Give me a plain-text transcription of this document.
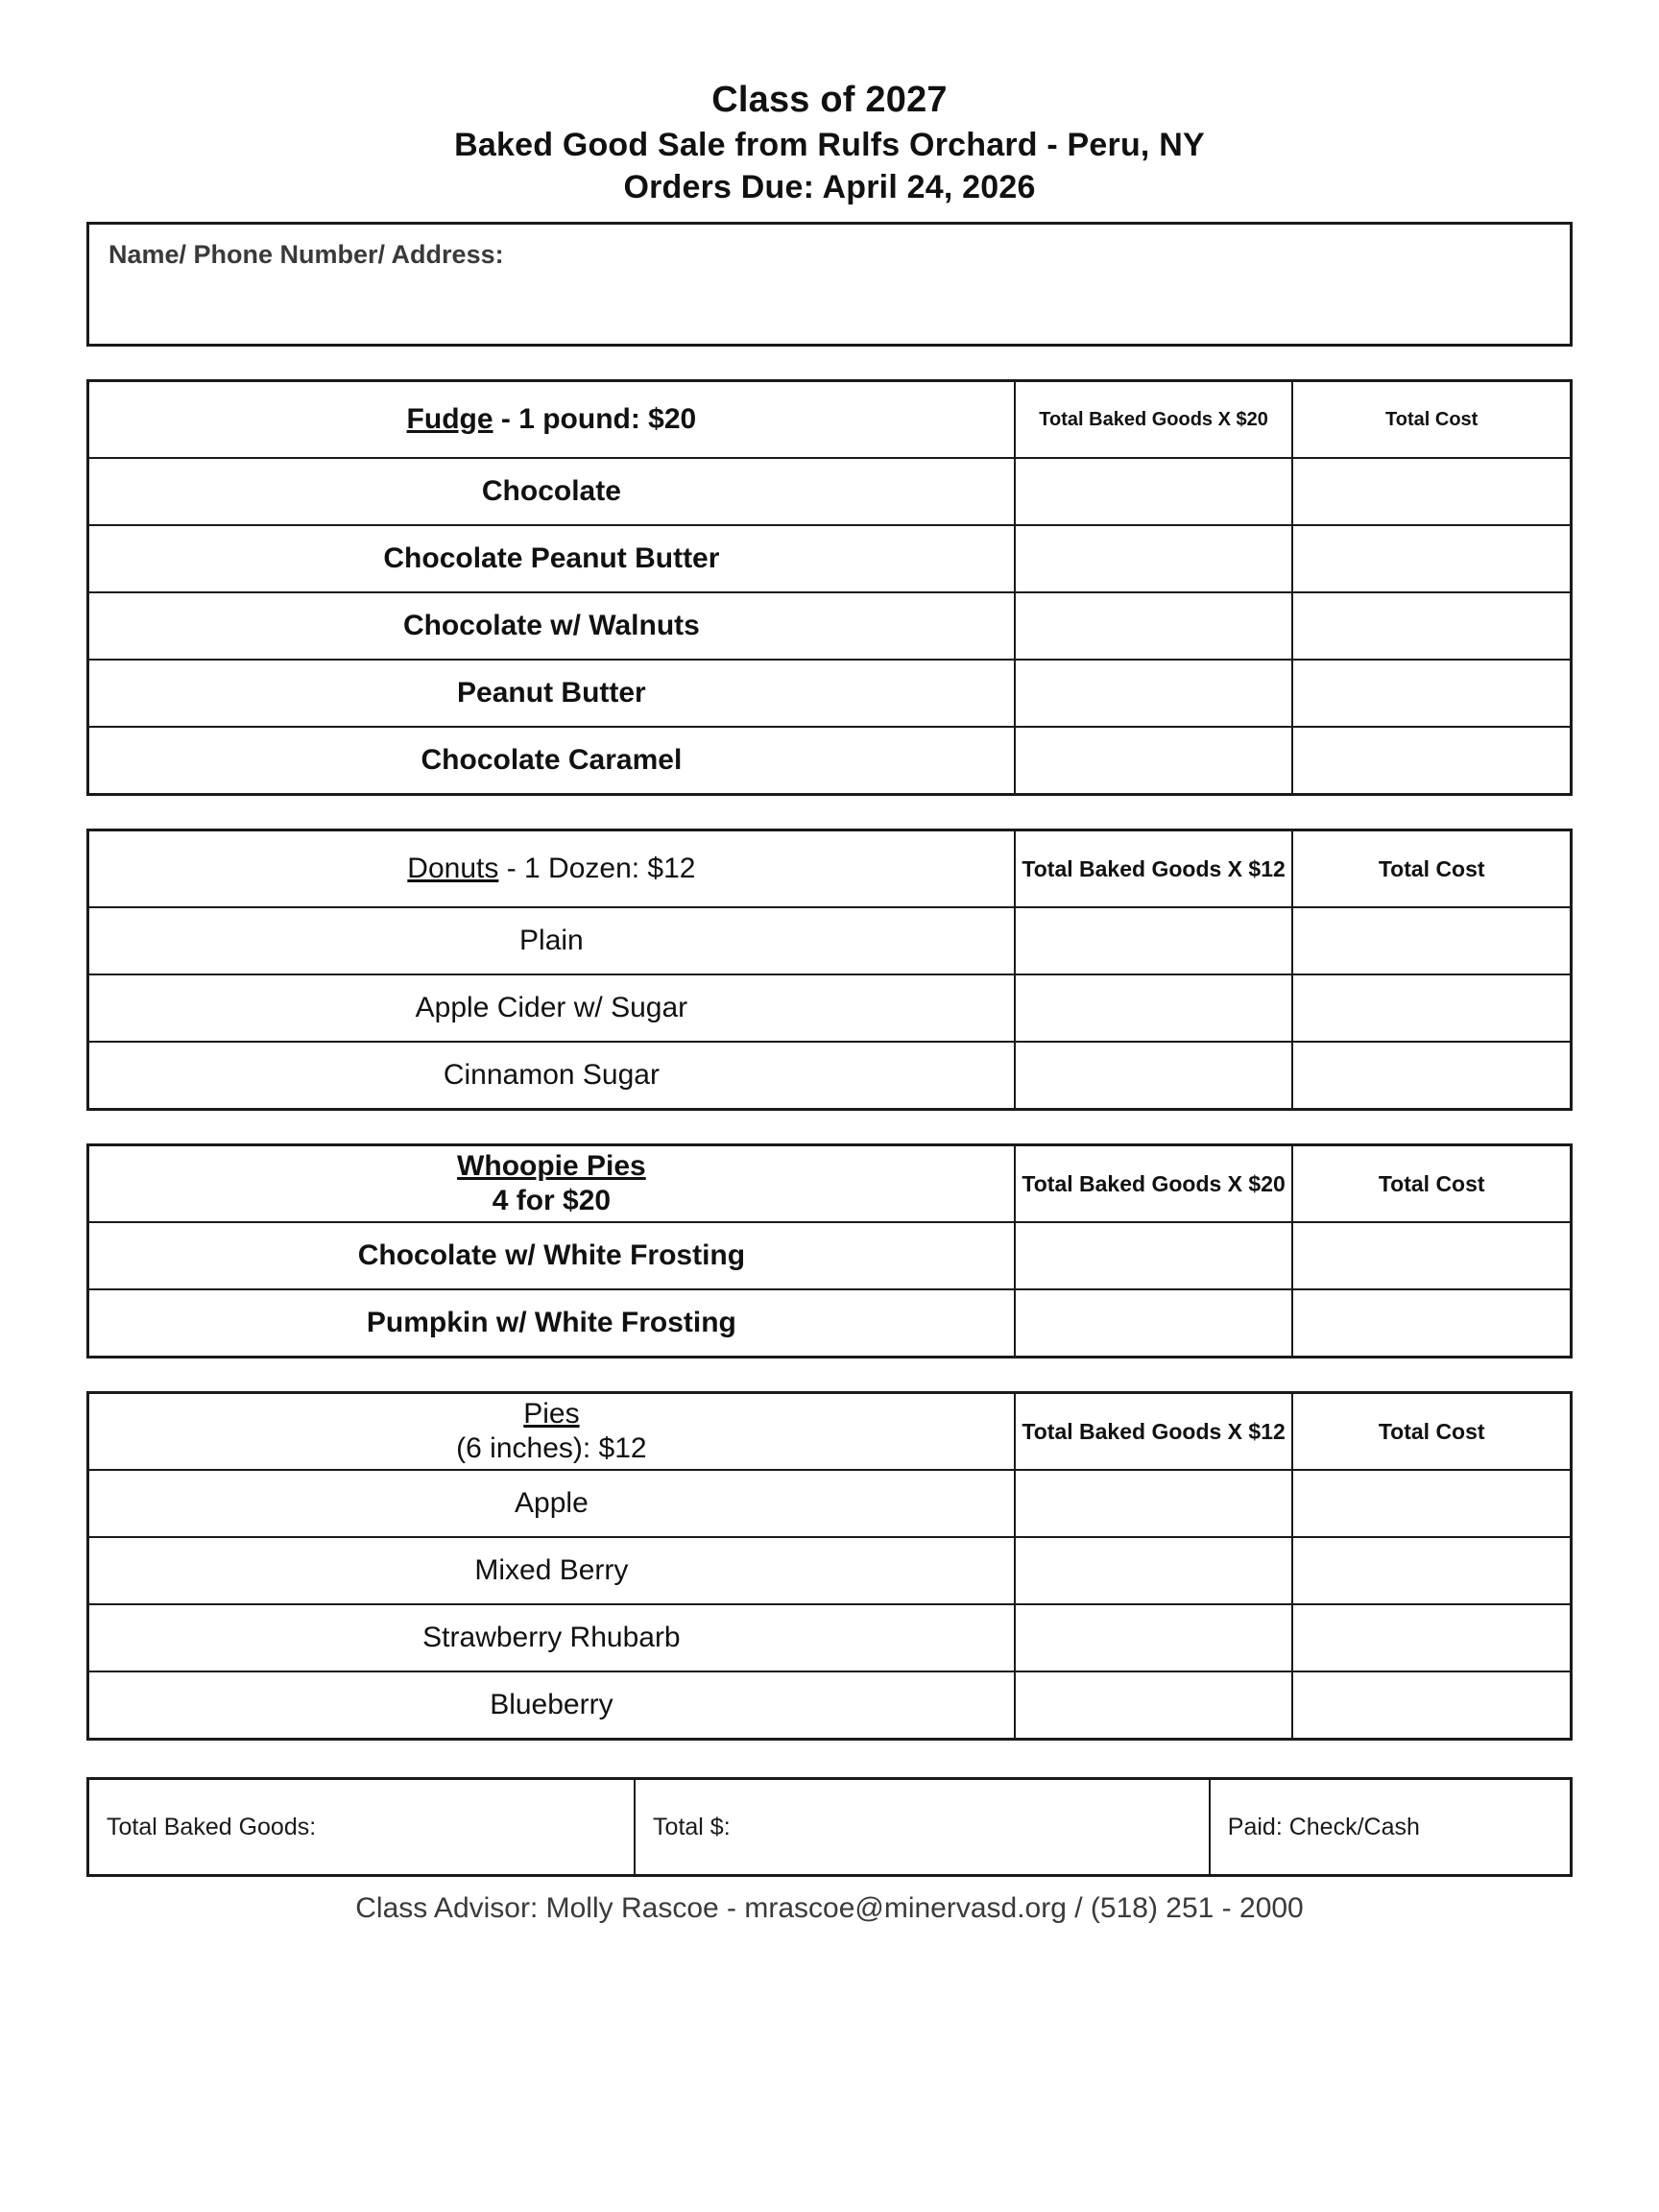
Class of 2027
Baked Good Sale from Rulfs Orchard - Peru, NY
Orders Due: April 24, 2026
Name/ Phone Number/ Address:
Fudge - 1 pound: $20	Total Baked Goods X $20	Total Cost
Chocolate		
Chocolate Peanut Butter		
Chocolate w/ Walnuts		
Peanut Butter		
Chocolate Caramel		
Donuts - 1 Dozen: $12	Total Baked Goods X $12	Total Cost
Plain		
Apple Cider w/ Sugar		
Cinnamon Sugar		
Whoopie Pies
4 for $20	Total Baked Goods X $20	Total Cost
Chocolate w/ White Frosting		
Pumpkin w/ White Frosting		
Pies
(6 inches): $12	Total Baked Goods X $12	Total Cost
Apple		
Mixed Berry		
Strawberry Rhubarb		
Blueberry		
Total Baked Goods:	Total $:	Paid: Check/Cash
Class Advisor: Molly Rascoe - mrascoe@minervasd.org / (518) 251 - 2000
